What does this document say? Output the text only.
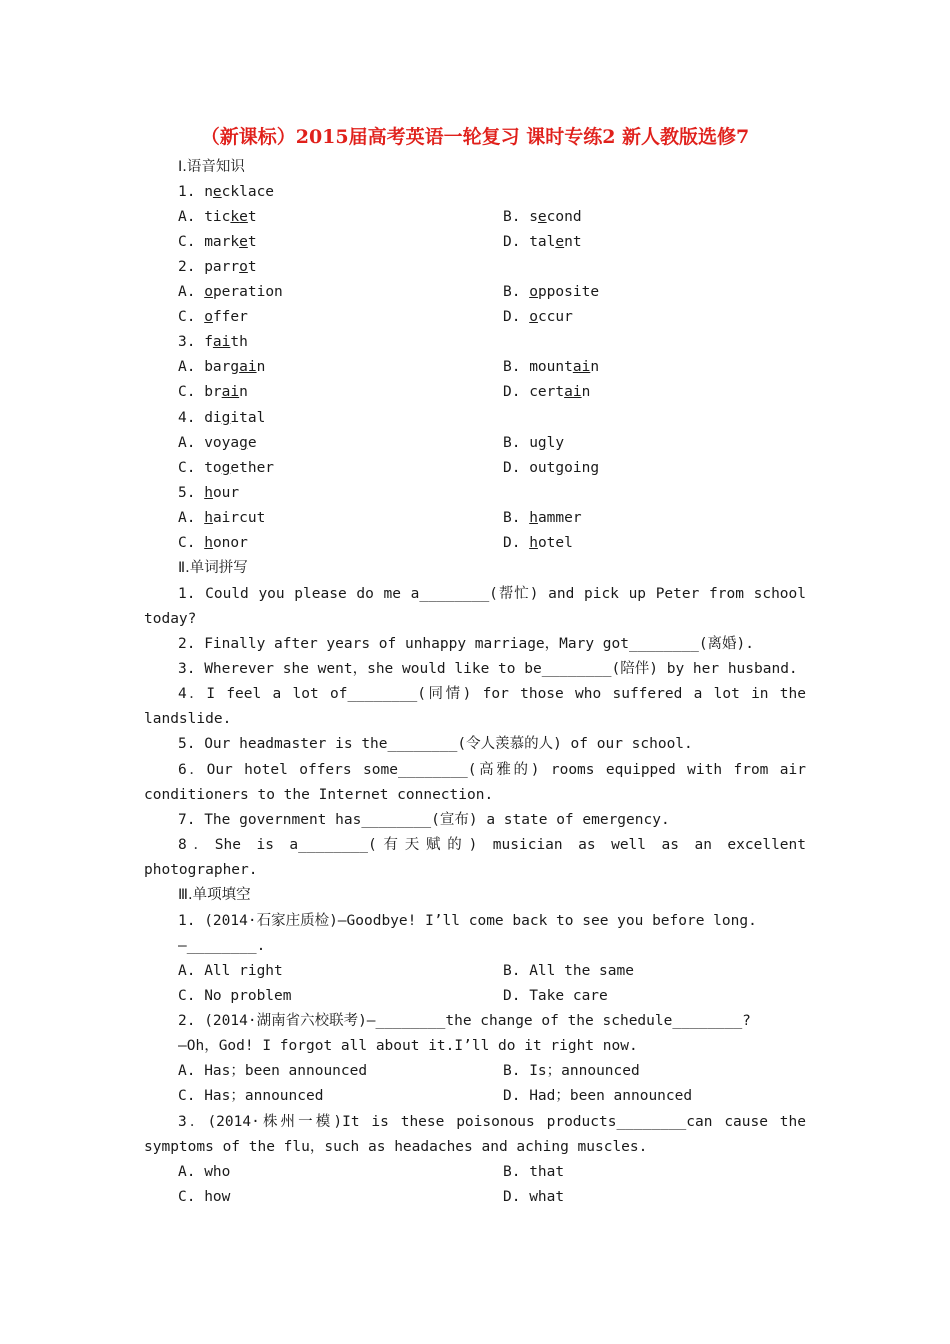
（新课标）2015届高考英语一轮复习 课时专练2 新人教版选修7
Ⅰ.语音知识
1. necklace
A. ticket	B. second
C. market	D. talent
2. parrot
A. operation	B. opposite
C. offer	D. occur
3. faith
A. bargain	B. mountain
C. brain	D. certain
4. digital
A. voyage	B. ugly
C. together	D. outgoing
5. hour
A. haircut	B. hammer
C. honor	D. hotel
Ⅱ.单词拼写
1. Could you please do me a________(帮忙) and pick up Peter from school
today?
2. Finally after years of unhappy marriage，Mary got________(离婚).
3. Wherever she went，she would like to be________(陪伴) by her husband.
4．I feel a lot of________(同情) for those who suffered a lot in the
landslide.
5. Our headmaster is the________(令人羡慕的人) of our school.
6．Our hotel offers some________(高雅的) rooms equipped with from air
conditioners to the Internet connection.
7. The government has________(宣布) a state of emergency.
8．She is a________(有天赋的) musician as well as an excellent
photographer.
Ⅲ.单项填空
1. (2014·石家庄质检)—Goodbye! I’ll come back to see you before long.
—________.
A. All right	B. All the same
C. No problem	D. Take care
2. (2014·湖南省六校联考)—________the change of the schedule________?
—Oh，God! I forgot all about it.I’ll do it right now.
A. Has；been announced	B. Is；announced
C. Has；announced	D. Had；been announced
3．(2014·株州一模)It is these poisonous products________can cause the
symptoms of the flu，such as headaches and aching muscles.
A. who	B. that
C. how	D. what
